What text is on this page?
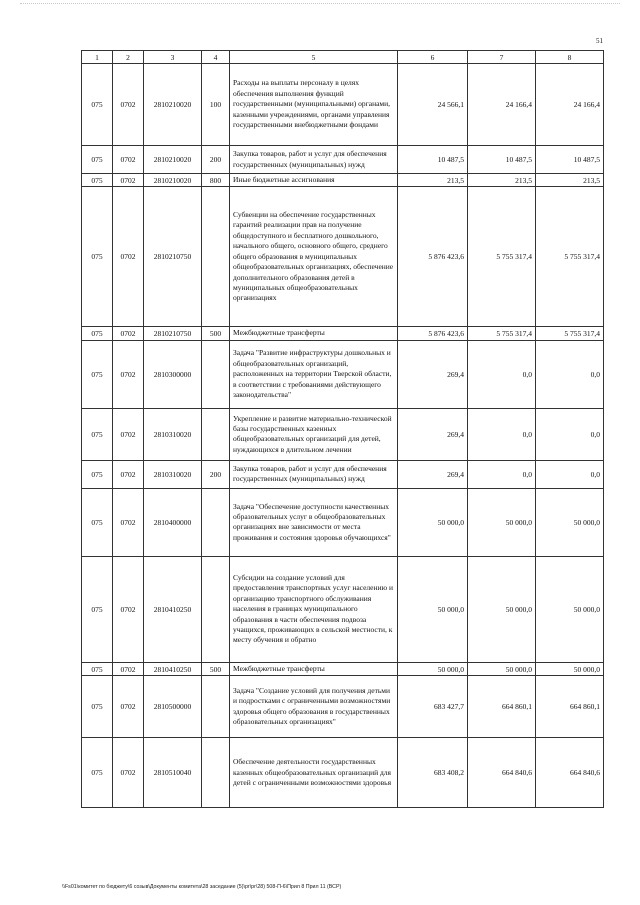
51
1	2	3	4	5	6	7	8
075	0702	2810210020	100	Расходы на выплаты персоналу в целях обеспечения выполнения функций государственными (муниципальными) органами, казенными учреждениями, органами управления государственными внебюджетными фондами	24 566,1	24 166,4	24 166,4
075	0702	2810210020	200	Закупка товаров, работ и услуг для обеспечения государственных (муниципальных) нужд	10 487,5	10 487,5	10 487,5
075	0702	2810210020	800	Иные бюджетные ассигнования	213,5	213,5	213,5
075	0702	2810210750		Субвенции на обеспечение государственных гарантий реализации прав на получение общедоступного и бесплатного дошкольного, начального общего, основного общего, среднего общего образования в муниципальных общеобразовательных организациях, обеспечение дополнительного образования детей в муниципальных общеобразовательных организациях	5 876 423,6	5 755 317,4	5 755 317,4
075	0702	2810210750	500	Межбюджетные трансферты	5 876 423,6	5 755 317,4	5 755 317,4
075	0702	2810300000		Задача "Развитие инфраструктуры дошкольных и общеобразовательных организаций, расположенных на территории Тверской области, в соответствии с требованиями действующего законодательства"	269,4	0,0	0,0
075	0702	2810310020		Укрепление и развитие материально-технической базы государственных казенных общеобразовательных организаций для детей, нуждающихся в длительном лечении	269,4	0,0	0,0
075	0702	2810310020	200	Закупка товаров, работ и услуг для обеспечения государственных (муниципальных) нужд	269,4	0,0	0,0
075	0702	2810400000		Задача "Обеспечение доступности качественных образовательных услуг в общеобразовательных организациях вне зависимости от места проживания и состояния здоровья обучающихся"	50 000,0	50 000,0	50 000,0
075	0702	2810410250		Субсидии на создание условий для предоставления транспортных услуг населению и организацию транспортного обслуживания населения в границах муниципального образования в части обеспечения подвоза учащихся, проживающих в сельской местности, к месту обучения и обратно	50 000,0	50 000,0	50 000,0
075	0702	2810410250	500	Межбюджетные трансферты	50 000,0	50 000,0	50 000,0
075	0702	2810500000		Задача "Создание условий для получения детьми и подростками с ограниченными возможностями здоровья общего образования в государственных образовательных организациях"	683 427,7	664 860,1	664 860,1
075	0702	2810510040		Обеспечение деятельности государственных казенных общеобразовательных организаций для детей с ограниченными возможностями здоровья	683 408,2	664 840,6	664 840,6
\\Fs01\комитет по бюджету\6 созыв\Документы комитета\28 заседание (5)\pr\pr\28) 508-П-6\Прил 8 Прил 11 (ВСР)
